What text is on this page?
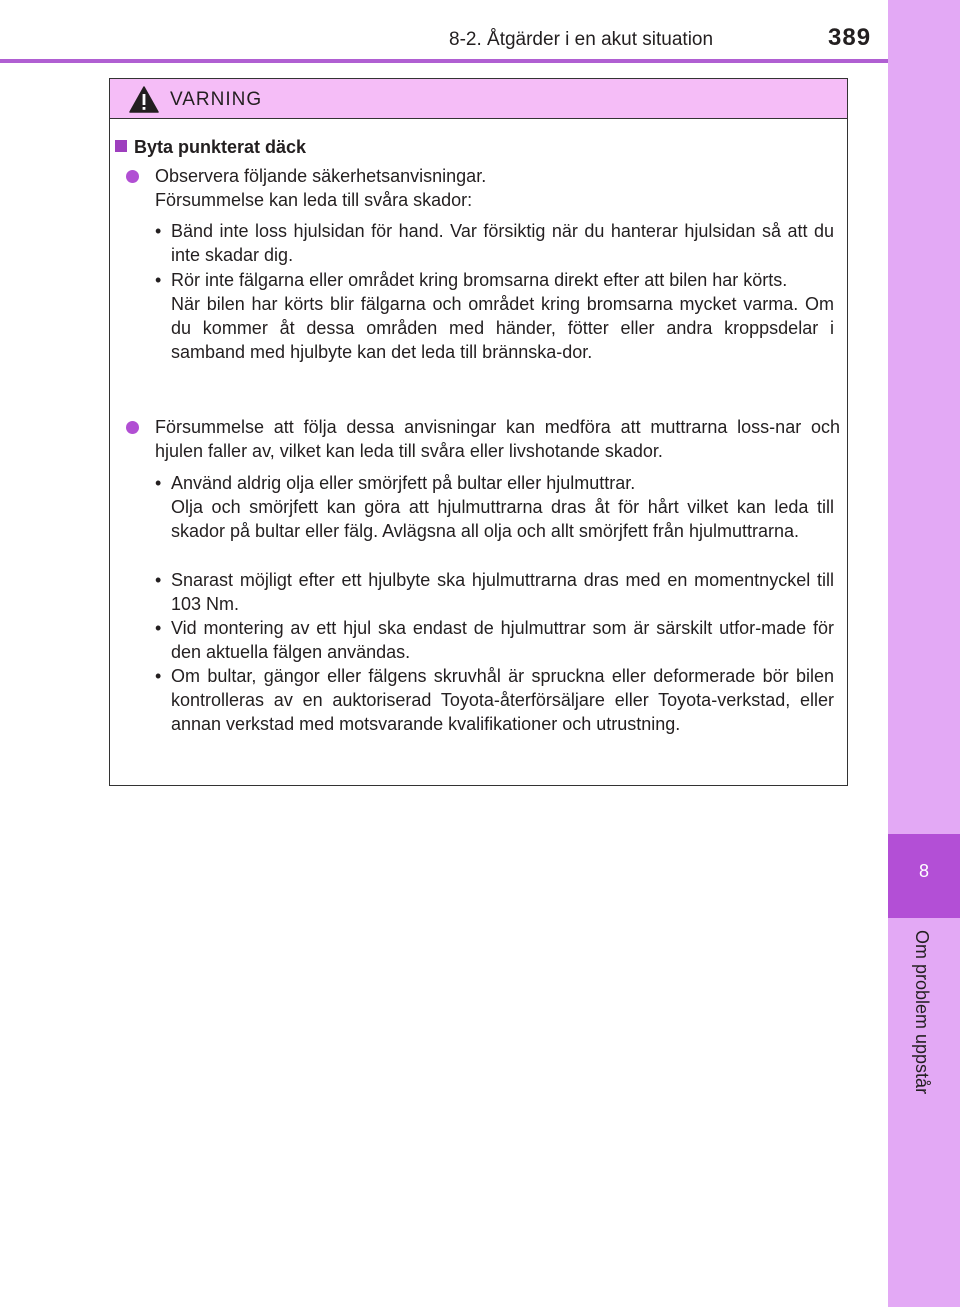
8-2. Åtgärder i en akut situation	389
8
Om problem uppstår
VARNING
Byta punkterat däck
Observera följande säkerhetsanvisningar.
Försummelse kan leda till svåra skador:
• Bänd inte loss hjulsidan för hand. Var försiktig när du hanterar hjulsidan så att du inte skadar dig.
• Rör inte fälgarna eller området kring bromsarna direkt efter att bilen har körts.
När bilen har körts blir fälgarna och området kring bromsarna mycket varma. Om du kommer åt dessa områden med händer, fötter eller andra kroppsdelar i samband med hjulbyte kan det leda till brännska-dor.
Försummelse att följa dessa anvisningar kan medföra att muttrarna loss-nar och hjulen faller av, vilket kan leda till svåra eller livshotande skador.
• Använd aldrig olja eller smörjfett på bultar eller hjulmuttrar.
Olja och smörjfett kan göra att hjulmuttrarna dras åt för hårt vilket kan leda till skador på bultar eller fälg. Avlägsna all olja och allt smörjfett från hjulmuttrarna.
• Snarast möjligt efter ett hjulbyte ska hjulmuttrarna dras med en momentnyckel till 103 Nm.
• Vid montering av ett hjul ska endast de hjulmuttrar som är särskilt utfor-made för den aktuella fälgen användas.
• Om bultar, gängor eller fälgens skruvhål är spruckna eller deformerade bör bilen kontrolleras av en auktoriserad Toyota-återförsäljare eller Toyota-verkstad, eller annan verkstad med motsvarande kvalifikationer och utrustning.
